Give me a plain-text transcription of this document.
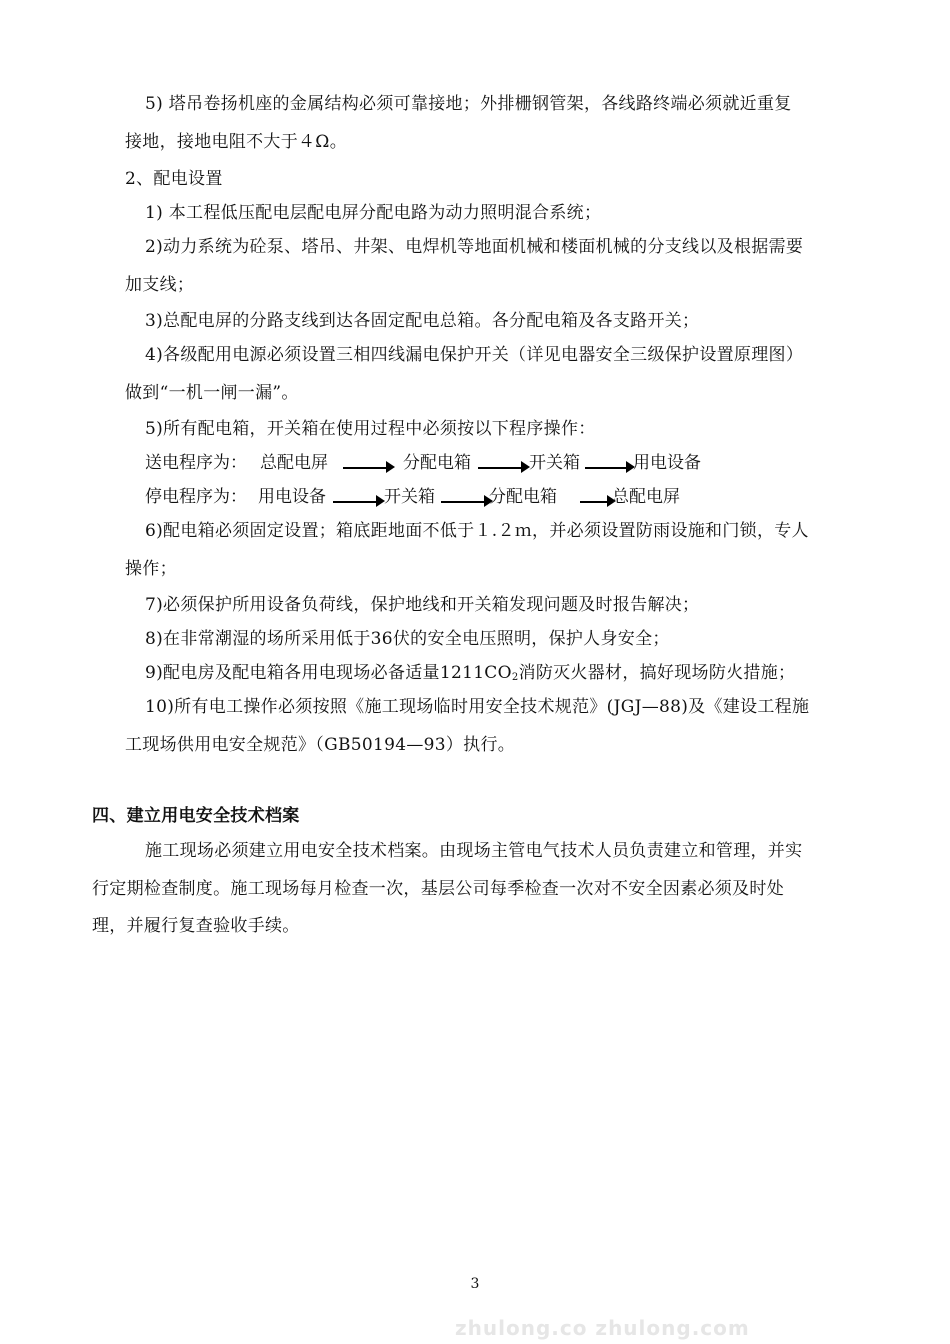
5) 塔吊卷扬机座的金属结构必须可靠接地；外排栅钢管架，各线路终端必须就近重复
接地，接地电阻不大于４Ω。
2、配电设置
1) 本工程低压配电层配电屏分配电路为动力照明混合系统；
2)动力系统为砼泵、塔吊、井架、电焊机等地面机械和楼面机械的分支线以及根据需要
加支线；
3)总配电屏的分路支线到达各固定配电总箱。各分配电箱及各支路开关；
4)各级配用电源必须设置三相四线漏电保护开关（详见电器安全三级保护设置原理图）
做到“一机一闸一漏”。
5)所有配电箱，开关箱在使用过程中必须按以下程序操作：
送电程序为： 总配电屏	分配电箱	开关箱	用电设备
停电程序为： 用电设备	开关箱	分配电箱	总配电屏
6)配电箱必须固定设置；箱底距地面不低于１.２ｍ，并必须设置防雨设施和门锁，专人
操作；
7)必须保护所用设备负荷线，保护地线和开关箱发现问题及时报告解决；
8)在非常潮湿的场所采用低于36伏的安全电压照明，保护人身安全；
9)配电房及配电箱各用电现场必备适量$1211CO_2$消防灭火器材，搞好现场防火措施；
10)所有电工操作必须按照《施工现场临时用安全技术规范》(JGJ—88)及《建设工程施
工现场供用电安全规范》（GB50194—93）执行。
四、建立用电安全技术档案
施工现场必须建立用电安全技术档案。由现场主管电气技术人员负责建立和管理，并实
行定期检查制度。施工现场每月检查一次，基层公司每季检查一次对不安全因素必须及时处
理，并履行复查验收手续。
3
zhulong.co zhulong.com
